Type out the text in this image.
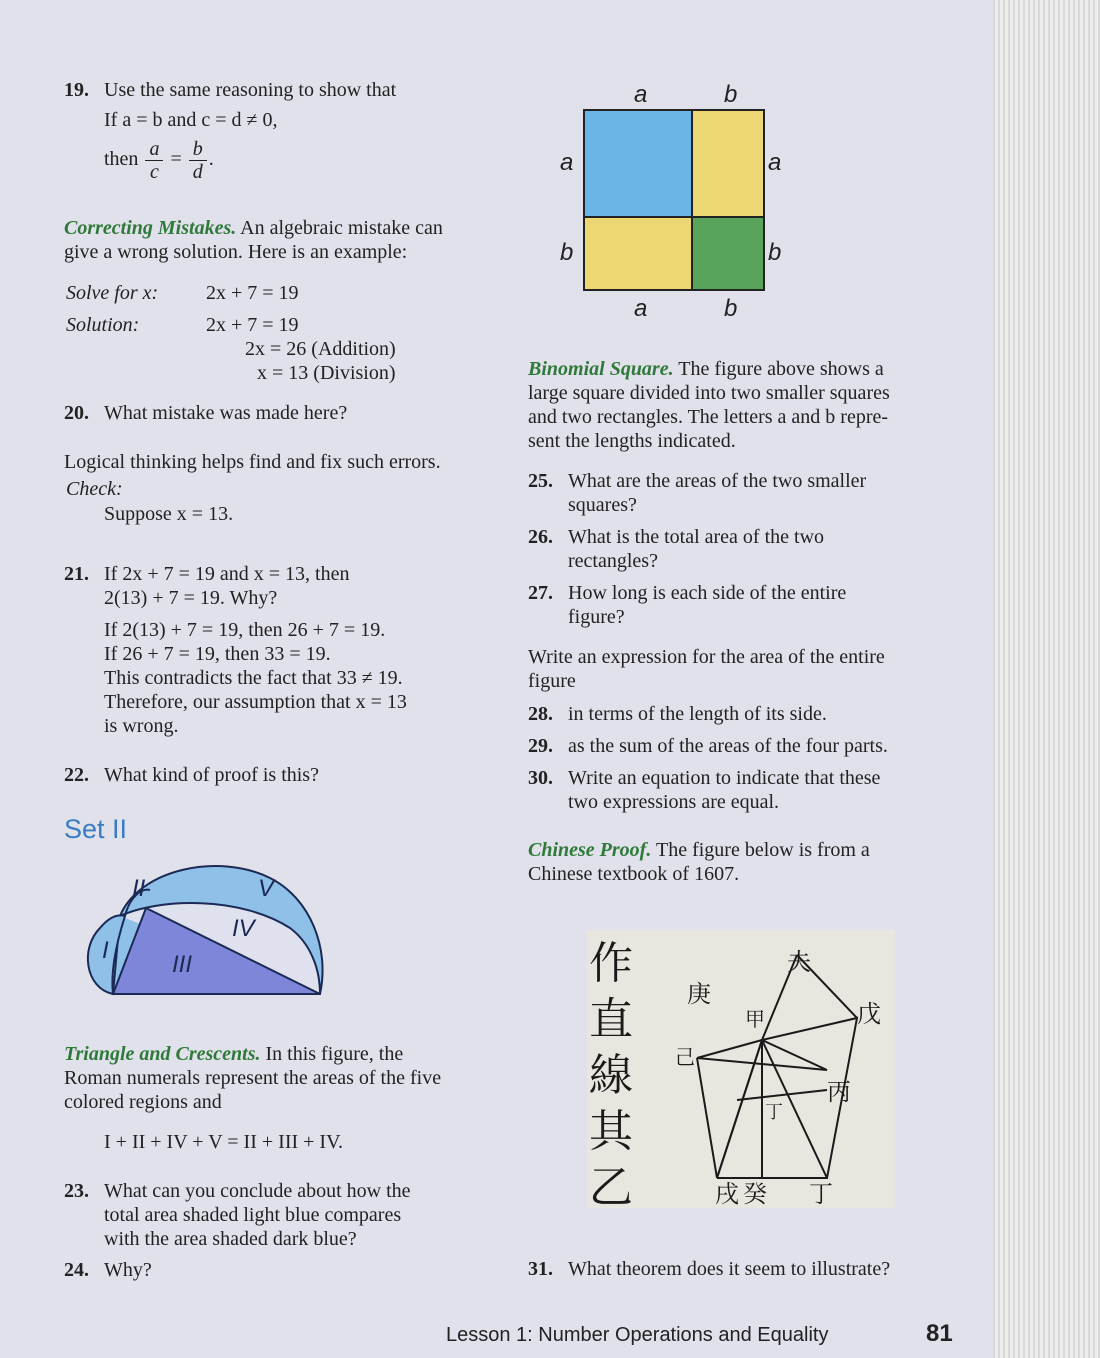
19. Use the same reasoning to show that
If a = b and c = d ≠ 0,
then $\frac{a}{c} = \frac{b}{d}$ .
Correcting Mistakes. An algebraic mistake can
give a wrong solution. Here is an example:
Solve for x: 2x + 7 = 19
Solution:	2x + 7 = 19
2x = 26 (Addition)
x = 13 (Division)
20. What mistake was made here?
Logical thinking helps find and fix such errors.
Check:
Suppose x = 13.
21. If 2x + 7 = 19 and x = 13, then
2(13) + 7 = 19. Why?
If 2(13) + 7 = 19, then 26 + 7 = 19.
If 26 + 7 = 19, then 33 = 19.
This contradicts the fact that 33 ≠ 19.
Therefore, our assumption that x = 13
is wrong.
22. What kind of proof is this?
Set II
II	V
IV
I
III
Triangle and Crescents. In this figure, the
Roman numerals represent the areas of the five
colored regions and
I + II + IV + V = II + III + IV.
23. What can you conclude about how the
total area shaded light blue compares
with the area shaded dark blue?
24. Why?
a	b
a	a
b	b
a	b
Binomial Square. The figure above shows a
large square divided into two smaller squares
and two rectangles. The letters a and b repre-
sent the lengths indicated.
25. What are the areas of the two smaller
squares?
26. What is the total area of the two
rectangles?
27. How long is each side of the entire
figure?
Write an expression for the area of the entire
figure
28. in terms of the length of its side.
29. as the sum of the areas of the four parts.
30. Write an equation to indicate that these
two expressions are equal.
Chinese Proof. The figure below is from a
Chinese textbook of 1607.
作
直
線
其
乙
夫
庚
甲	戊
己
丙
丁
戌 癸 丁
31. What theorem does it seem to illustrate?
Lesson 1: Number Operations and Equality	81
